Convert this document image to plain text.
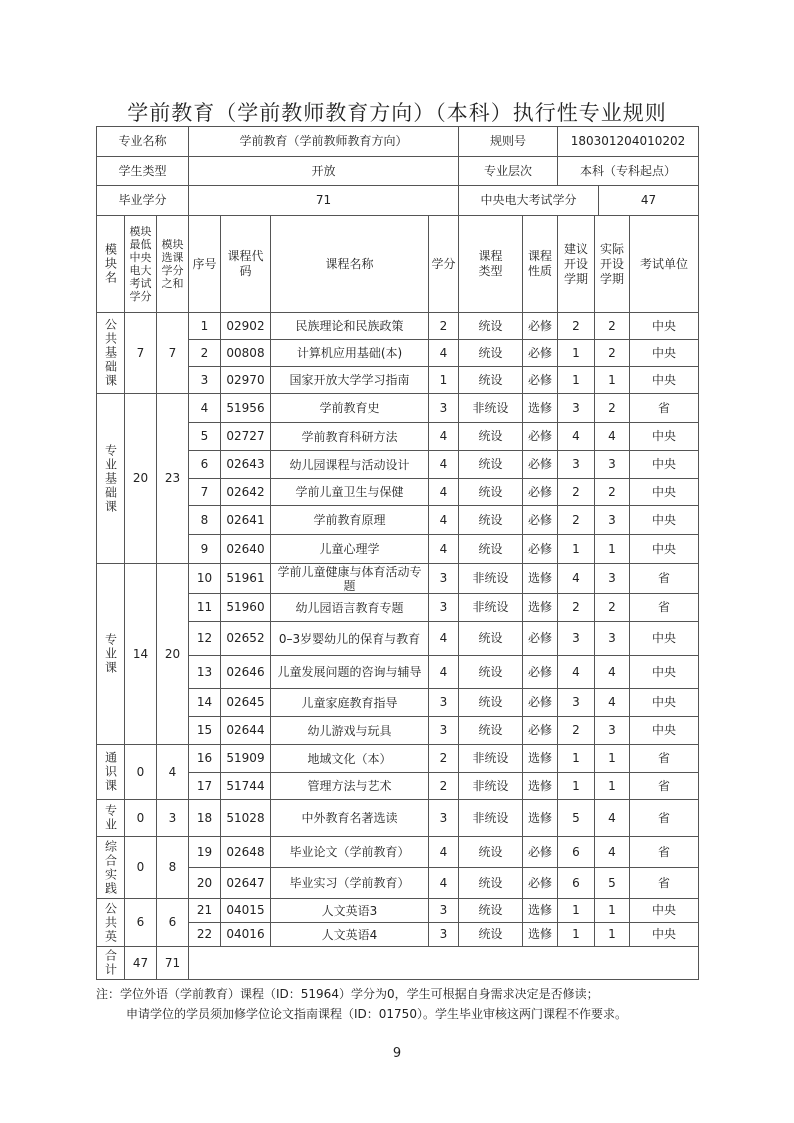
学前教育（学前教师教育方向）（本科）执行性专业规则
专业名称	学前教育（学前教师教育方向）	规则号	180301204010202
学生类型	开放	专业层次	本科（专科起点）
毕业学分	71	中央电大考试学分	47
模块名	模块最低中央电大考试学分	模块选课学分之和	序号	课程代码	课程名称	学分	课程类型	课程性质	建议开设学期	实际开设学期	考试单位

公共基础课	7	7	1	02902	民族理论和民族政策	2	统设	必修	2	2	中央
			2	00808	计算机应用基础(本)	4	统设	必修	1	2	中央
			3	02970	国家开放大学学习指南	1	统设	必修	1	1	中央

专业基础课	20	23	4	51956	学前教育史	3	非统设	选修	3	2	省
			5	02727	学前教育科研方法	4	统设	必修	4	4	中央
			6	02643	幼儿园课程与活动设计	4	统设	必修	3	3	中央
			7	02642	学前儿童卫生与保健	4	统设	必修	2	2	中央
			8	02641	学前教育原理	4	统设	必修	2	3	中央
			9	02640	儿童心理学	4	统设	必修	1	1	中央

专业课	14	20	10	51961	学前儿童健康与体育活动专题	3	非统设	选修	4	3	省
			11	51960	幼儿园语言教育专题	3	非统设	选修	2	2	省
			12	02652	0–3岁婴幼儿的保育与教育	4	统设	必修	3	3	中央
			13	02646	儿童发展问题的咨询与辅导	4	统设	必修	4	4	中央
			14	02645	儿童家庭教育指导	3	统设	必修	3	4	中央
			15	02644	幼儿游戏与玩具	3	统设	必修	2	3	中央

通识课	0	4	16	51909	地域文化（本）	2	非统设	选修	1	1	省
			17	51744	管理方法与艺术	2	非统设	选修	1	1	省

专业	0	3	18	51028	中外教育名著选读	3	非统设	选修	5	4	省

综合实践	0	8	19	02648	毕业论文（学前教育）	4	统设	必修	6	4	省
			20	02647	毕业实习（学前教育）	4	统设	必修	6	5	省

公共英	6	6	21	04015	人文英语3	3	统设	选修	1	1	中央
			22	04016	人文英语4	3	统设	选修	1	1	中央

合计	47	71									
注：学位外语（学前教育）课程（ID：51964）学分为0，学生可根据自身需求决定是否修读；
申请学位的学员须加修学位论文指南课程（ID：01750）。学生毕业审核这两门课程不作要求。
9
